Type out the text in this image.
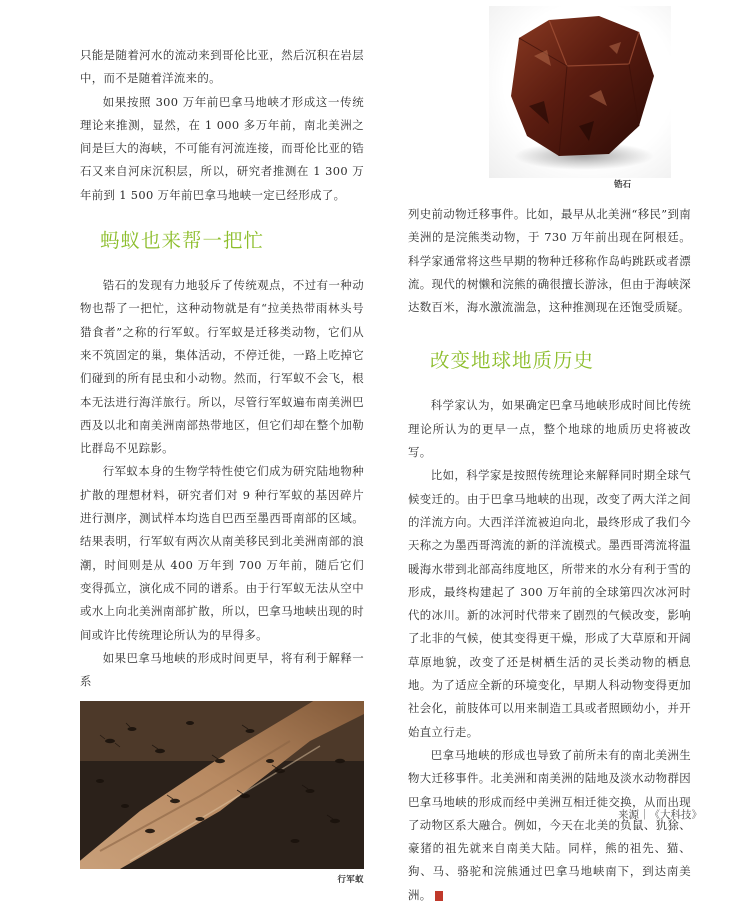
锆石

只能是随着河水的流动来到哥伦比亚，然后沉积在岩层中，而不是随着洋流来的。

如果按照 300 万年前巴拿马地峡才形成这一传统理论来推测，显然，在 1 000 多万年前，南北美洲之间是巨大的海峡，不可能有河流连接，而哥伦比亚的锆石又来自河床沉积层，所以，研究者推测在 1 300 万年前到 1 500 万年前巴拿马地峡一定已经形成了。

蚂蚁也来帮一把忙

锆石的发现有力地驳斥了传统观点，不过有一种动物也帮了一把忙，这种动物就是有“拉美热带雨林头号猎食者”之称的行军蚁。行军蚁是迁移类动物，它们从来不筑固定的巢，集体活动，不停迁徙，一路上吃掉它们碰到的所有昆虫和小动物。然而，行军蚁不会飞，根本无法进行海洋旅行。所以，尽管行军蚁遍布南美洲巴西及以北和南美洲南部热带地区，但它们却在整个加勒比群岛不见踪影。

行军蚁本身的生物学特性使它们成为研究陆地物种扩散的理想材料，研究者们对 9 种行军蚁的基因碎片进行测序，测试样本均选自巴西至墨西哥南部的区域。结果表明，行军蚁有两次从南美移民到北美洲南部的浪潮，时间则是从 400 万年到 700 万年前，随后它们变得孤立，演化成不同的谱系。由于行军蚁无法从空中或水上向北美洲南部扩散，所以，巴拿马地峡出现的时间或许比传统理论所认为的早得多。

如果巴拿马地峡的形成时间更早，将有利于解释一系

行军蚁

列史前动物迁移事件。比如，最早从北美洲“移民”到南美洲的是浣熊类动物，于 730 万年前出现在阿根廷。科学家通常将这些早期的物种迁移称作岛屿跳跃或者漂流。现代的树懒和浣熊的确很擅长游泳，但由于海峡深达数百米，海水激流湍急，这种推测现在还饱受质疑。

改变地球地质历史

科学家认为，如果确定巴拿马地峡形成时间比传统理论所认为的更早一点，整个地球的地质历史将被改写。

比如，科学家是按照传统理论来解释同时期全球气候变迁的。由于巴拿马地峡的出现，改变了两大洋之间的洋流方向。大西洋洋流被迫向北，最终形成了我们今天称之为墨西哥湾流的新的洋流模式。墨西哥湾流将温暖海水带到北部高纬度地区，所带来的水分有利于雪的形成，最终构建起了 300 万年前的全球第四次冰河时代的冰川。新的冰河时代带来了剧烈的气候改变，影响了北非的气候，使其变得更干燥，形成了大草原和开阔草原地貌，改变了还是树栖生活的灵长类动物的栖息地。为了适应全新的环境变化，早期人科动物变得更加社会化，前肢体可以用来制造工具或者照顾幼小，并开始直立行走。

巴拿马地峡的形成也导致了前所未有的南北美洲生物大迁移事件。北美洲和南美洲的陆地及淡水动物群因巴拿马地峡的形成而经中美洲互相迁徙交换，从而出现了动物区系大融合。例如，今天在北美的负鼠、犰狳、豪猪的祖先就来自南美大陆。同样，熊的祖先、猫、狗、马、骆驼和浣熊通过巴拿马地峡南下，到达南美洲。	S

来源｜《大科技》
